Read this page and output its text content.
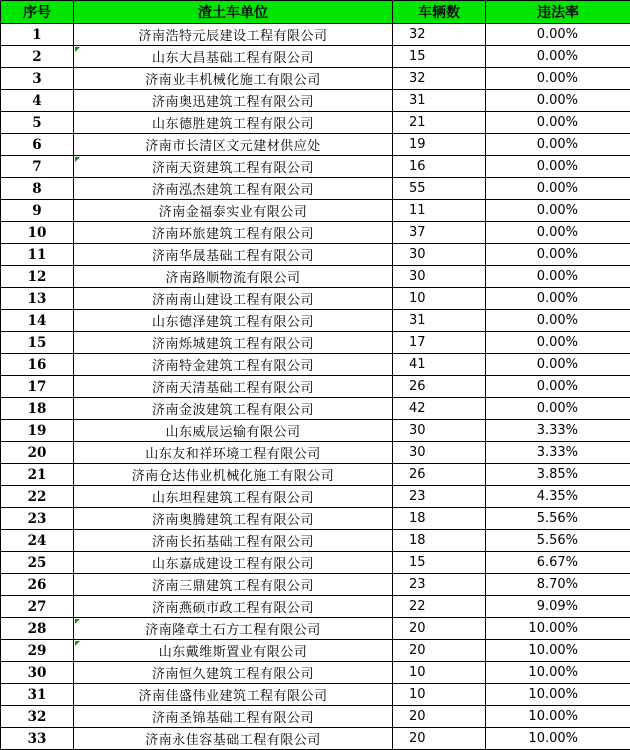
序号	渣土车单位	车辆数	违法率
1	济南浩特元辰建设工程有限公司	32	0.00%
2	山东大昌基础工程有限公司	15	0.00%
3	济南业丰机械化施工有限公司	32	0.00%
4	济南奥迅建筑工程有限公司	31	0.00%
5	山东德胜建筑工程有限公司	21	0.00%
6	济南市长清区文元建材供应处	19	0.00%
7	济南天资建筑工程有限公司	16	0.00%
8	济南泓杰建筑工程有限公司	55	0.00%
9	济南金福泰实业有限公司	11	0.00%
10	济南环旅建筑工程有限公司	37	0.00%
11	济南华晟基础工程有限公司	30	0.00%
12	济南路顺物流有限公司	30	0.00%
13	济南南山建设工程有限公司	10	0.00%
14	山东德泽建筑工程有限公司	31	0.00%
15	济南烁城建筑工程有限公司	17	0.00%
16	济南特金建筑工程有限公司	41	0.00%
17	济南天清基础工程有限公司	26	0.00%
18	济南金波建筑工程有限公司	42	0.00%
19	山东威辰运输有限公司	30	3.33%
20	山东友和祥环境工程有限公司	30	3.33%
21	济南仓达伟业机械化施工有限公司	26	3.85%
22	山东坦程建筑工程有限公司	23	4.35%
23	济南奥腾建筑工程有限公司	18	5.56%
24	济南长拓基础工程有限公司	18	5.56%
25	山东嘉成建设工程有限公司	15	6.67%
26	济南三鼎建筑工程有限公司	23	8.70%
27	济南燕硕市政工程有限公司	22	9.09%
28	济南隆章土石方工程有限公司	20	10.00%
29	山东戴维斯置业有限公司	20	10.00%
30	济南恒久建筑工程有限公司	10	10.00%
31	济南佳盛伟业建筑工程有限公司	10	10.00%
32	济南圣锦基础工程有限公司	20	10.00%
33	济南永佳容基础工程有限公司	20	10.00%
